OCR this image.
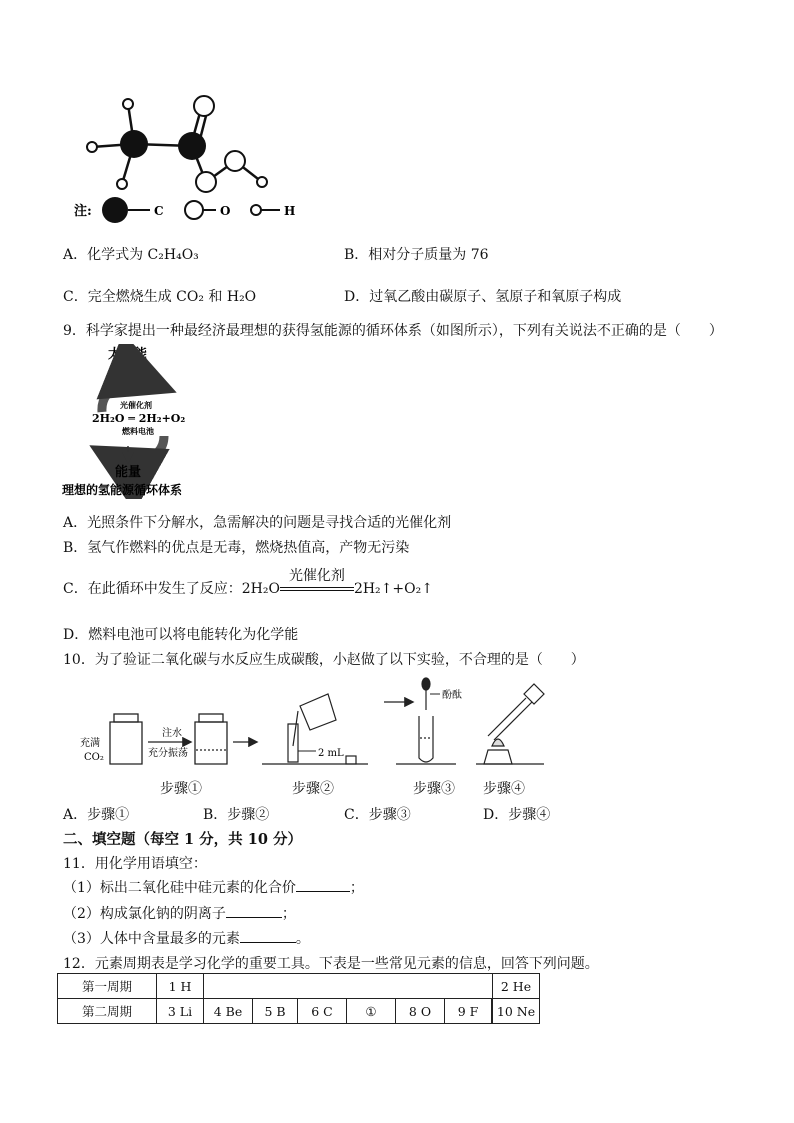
注:	C	O	H
A．化学式为 C₂H₄O₃	B．相对分子质量为 76
C．完全燃烧生成 CO₂ 和 H₂O	D．过氧乙酸由碳原子、氢原子和氧原子构成
9．科学家提出一种最经济最理想的获得氢能源的循环体系（如图所示），下列有关说法不正确的是（　　）
太阳能
光催化剂
2H₂O ═ 2H₂+O₂
燃料电池
能量
理想的氢能源循环体系
A．光照条件下分解水，急需解决的问题是寻找合适的光催化剂
B．氢气作燃料的优点是无毒，燃烧热值高，产物无污染
C．在此循环中发生了反应：2H₂O
光催化剂
2H₂↑+O₂↑
D．燃料电池可以将电能转化为化学能
10．为了验证二氧化碳与水反应生成碳酸，小赵做了以下实验，不合理的是（　　）
充满
CO₂
注水
充分振荡	2 mL
酚酞
步骤①	步骤②	步骤③ 步骤④
A．步骤①	B．步骤②	C．步骤③	D．步骤④
二、填空题（每空 1 分，共 10 分）
11．用化学用语填空：
（1）标出二氧化硅中硅元素的化合价	；
（2）构成氯化钠的阴离子	；
（3）人体中含量最多的元素	。
12．元素周期表是学习化学的重要工具。下表是一些常见元素的信息，回答下列问题。
第一周期	1 H							2 He
第二周期	3 Li	4 Be	5 B	6 C	①	8 O	9 F		10 Ne
